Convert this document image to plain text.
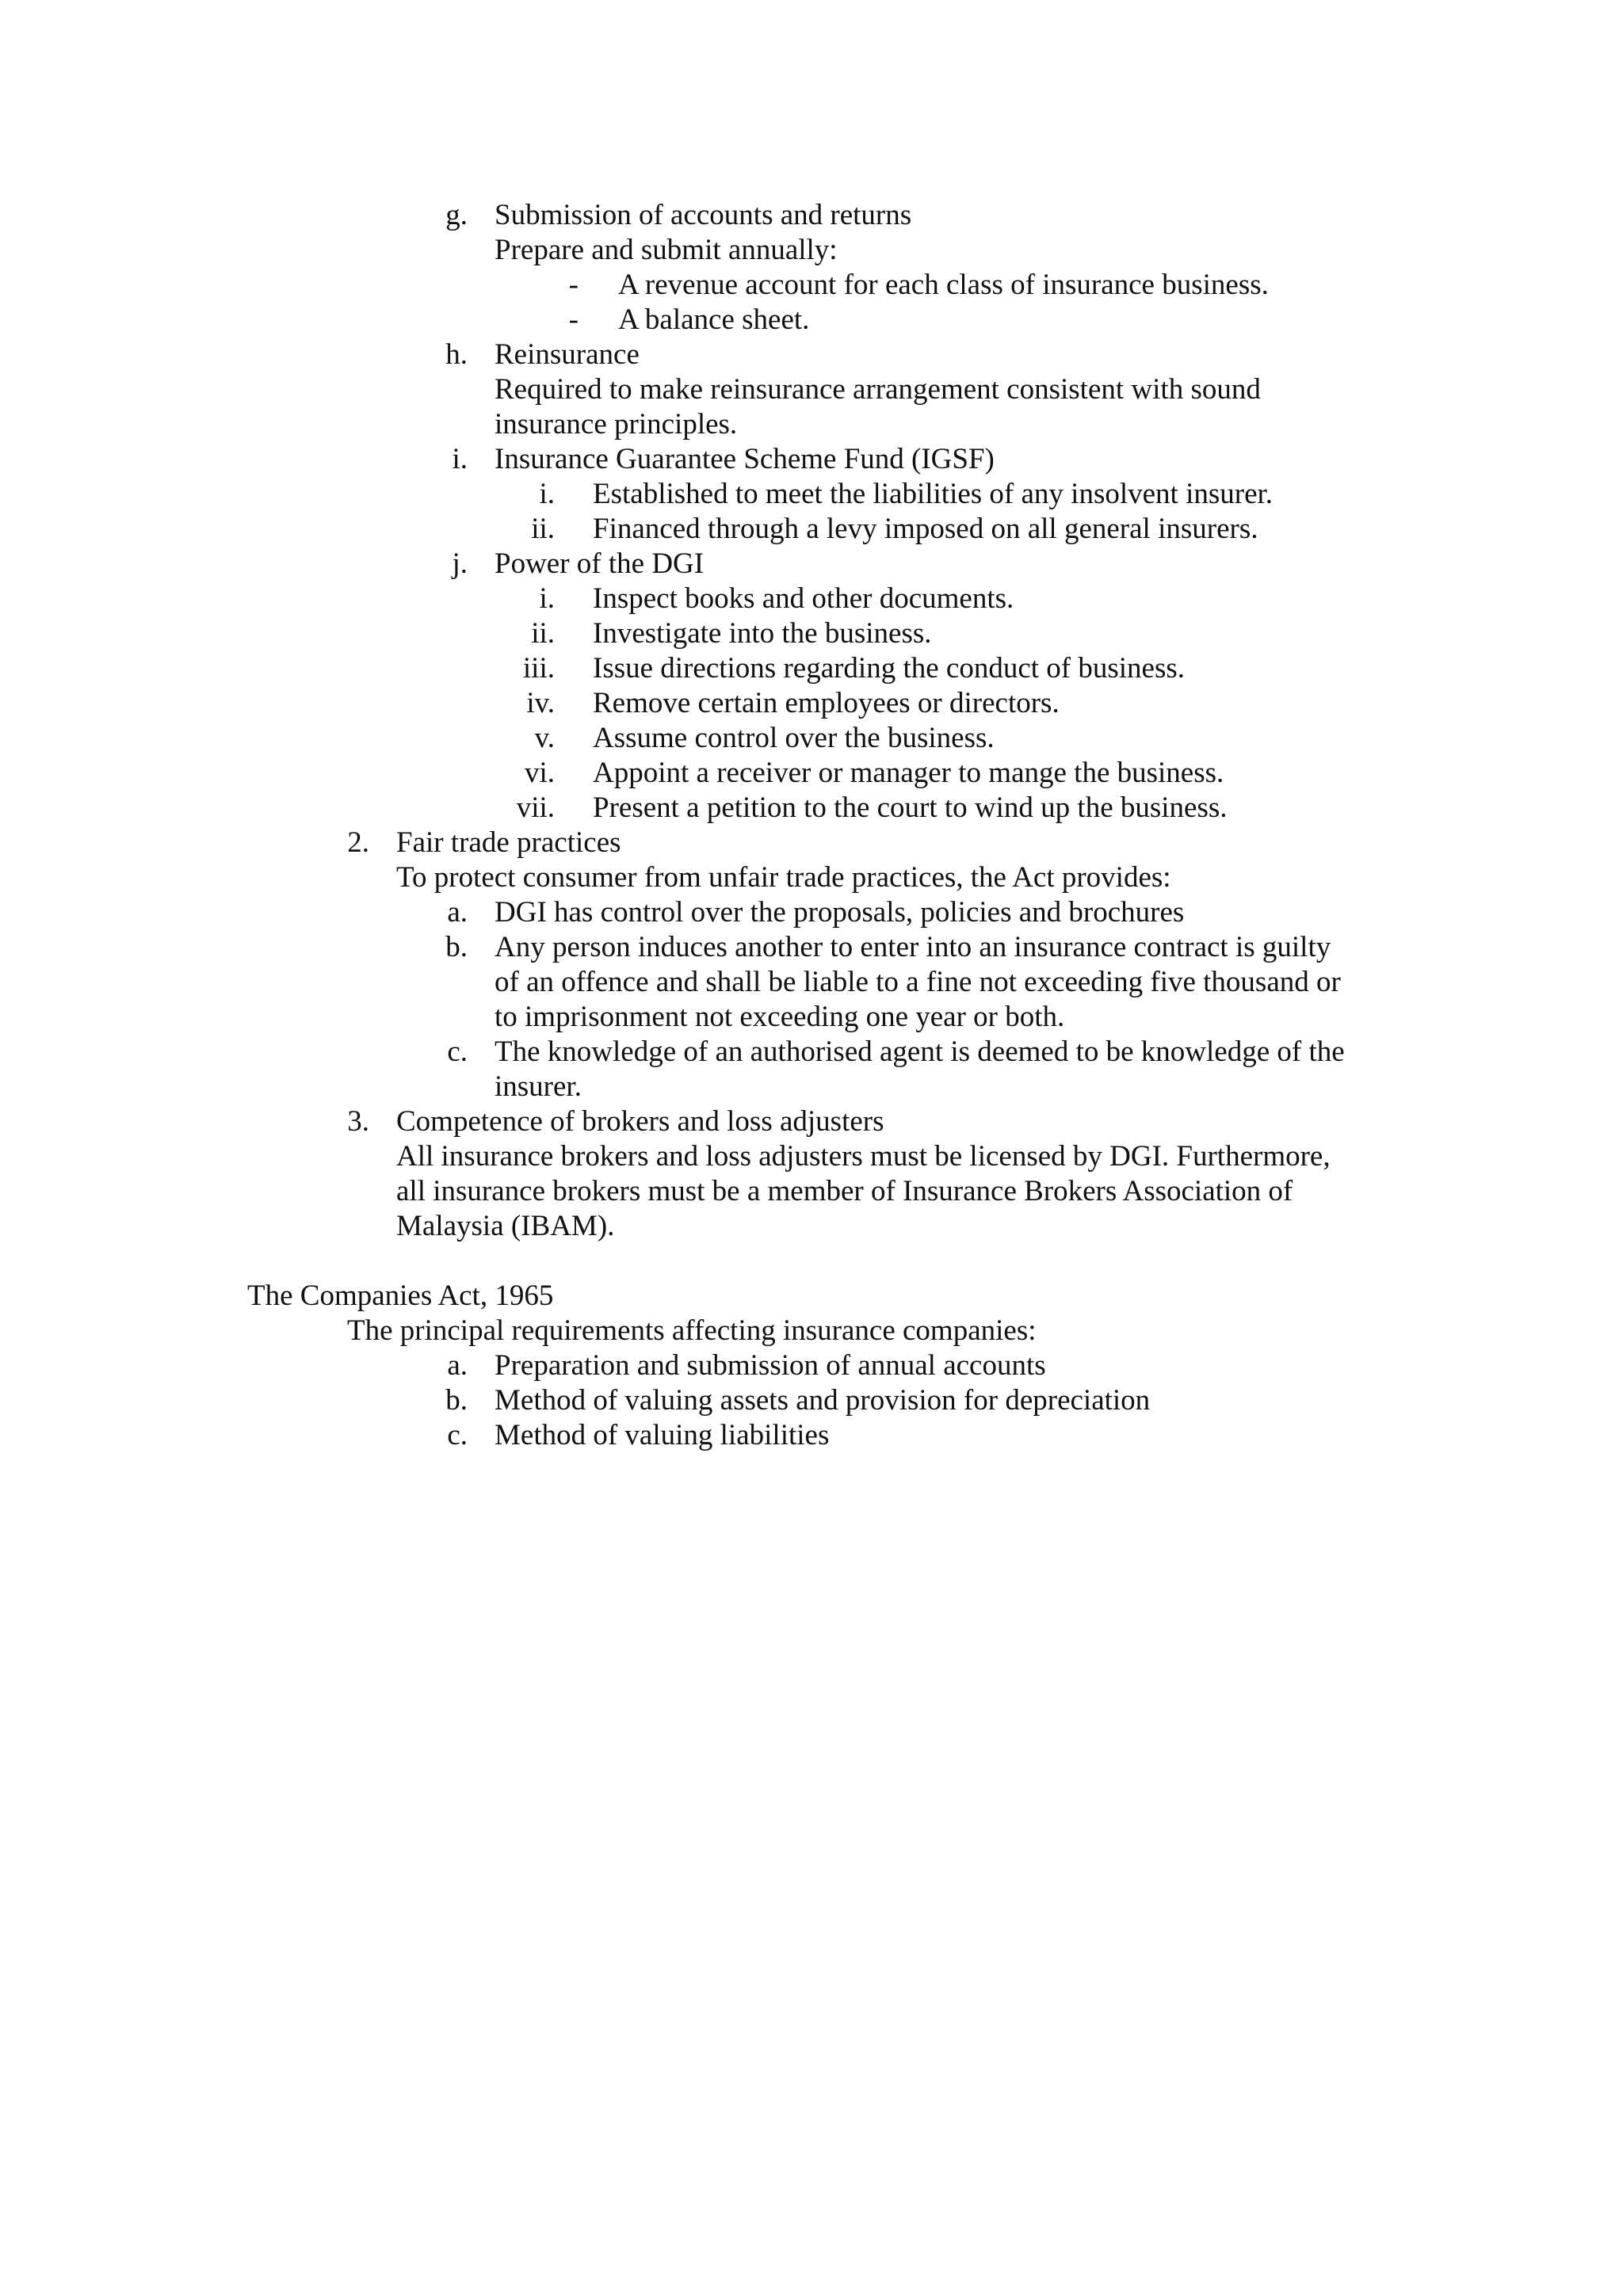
g. Submission of accounts and returns
Prepare and submit annually:
- A revenue account for each class of insurance business.
- A balance sheet.
h. Reinsurance
Required to make reinsurance arrangement consistent with sound
insurance principles.
i. Insurance Guarantee Scheme Fund (IGSF)
i. Established to meet the liabilities of any insolvent insurer.
ii. Financed through a levy imposed on all general insurers.
j. Power of the DGI
i. Inspect books and other documents.
ii. Investigate into the business.
iii. Issue directions regarding the conduct of business.
iv. Remove certain employees or directors.
v. Assume control over the business.
vi. Appoint a receiver or manager to mange the business.
vii. Present a petition to the court to wind up the business.
2. Fair trade practices
To protect consumer from unfair trade practices, the Act provides:
a. DGI has control over the proposals, policies and brochures
b. Any person induces another to enter into an insurance contract is guilty
of an offence and shall be liable to a fine not exceeding five thousand or
to imprisonment not exceeding one year or both.
c. The knowledge of an authorised agent is deemed to be knowledge of the
insurer.
3. Competence of brokers and loss adjusters
All insurance brokers and loss adjusters must be licensed by DGI. Furthermore,
all insurance brokers must be a member of Insurance Brokers Association of
Malaysia (IBAM).
The Companies Act, 1965
The principal requirements affecting insurance companies:
a. Preparation and submission of annual accounts
b. Method of valuing assets and provision for depreciation
c. Method of valuing liabilities
